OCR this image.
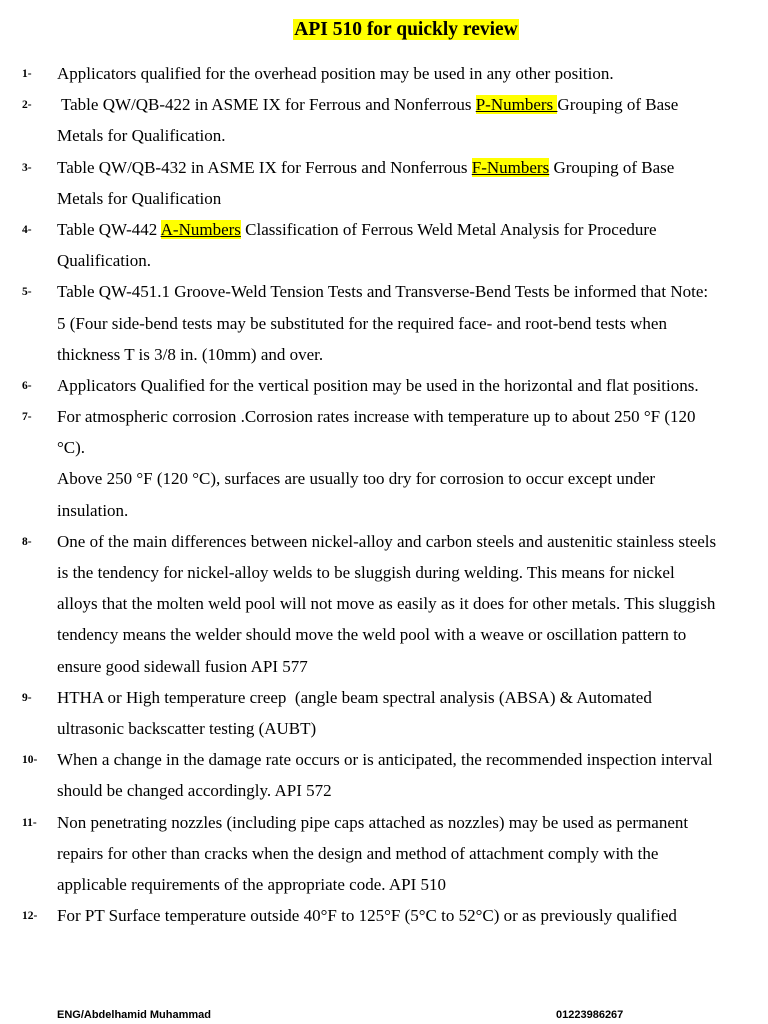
API 510 for quickly review
1- Applicators qualified for the overhead position may be used in any other position.
2- Table QW/QB-422 in ASME IX for Ferrous and Nonferrous P-Numbers Grouping of Base
Metals for Qualification.
3- Table QW/QB-432 in ASME IX for Ferrous and Nonferrous F-Numbers Grouping of Base
Metals for Qualification
4- Table QW-442 A-Numbers Classification of Ferrous Weld Metal Analysis for Procedure
Qualification.
5- Table QW-451.1 Groove-Weld Tension Tests and Transverse-Bend Tests be informed that Note:
5 (Four side-bend tests may be substituted for the required face- and root-bend tests when
thickness T is 3/8 in. (10mm) and over.
6- Applicators Qualified for the vertical position may be used in the horizontal and flat positions.
7- For atmospheric corrosion .Corrosion rates increase with temperature up to about 250 °F (120
°C).
Above 250 °F (120 °C), surfaces are usually too dry for corrosion to occur except under
insulation.
8- One of the main differences between nickel-alloy and carbon steels and austenitic stainless steels
is the tendency for nickel-alloy welds to be sluggish during welding. This means for nickel
alloys that the molten weld pool will not move as easily as it does for other metals. This sluggish
tendency means the welder should move the weld pool with a weave or oscillation pattern to
ensure good sidewall fusion API 577
9- HTHA or High temperature creep  (angle beam spectral analysis (ABSA) & Automated
ultrasonic backscatter testing (AUBT)
10- When a change in the damage rate occurs or is anticipated, the recommended inspection interval
should be changed accordingly. API 572
11- Non penetrating nozzles (including pipe caps attached as nozzles) may be used as permanent
repairs for other than cracks when the design and method of attachment comply with the
applicable requirements of the appropriate code. API 510
12- For PT Surface temperature outside 40°F to 125°F (5°C to 52°C) or as previously qualified
ENG/Abdelhamid Muhammad	01223986267
